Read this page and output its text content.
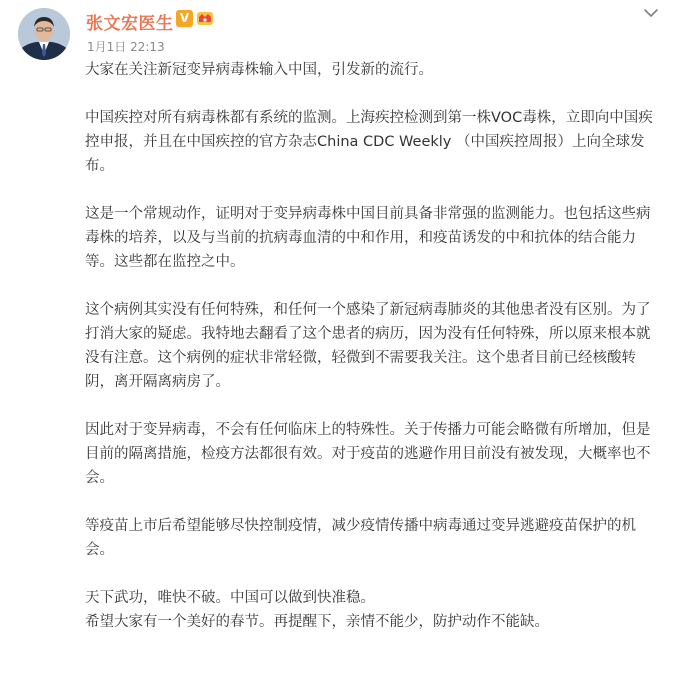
张文宏医生 V
1月1日 22:13

大家在关注新冠变异病毒株输入中国，引发新的流行。

中国疾控对所有病毒株都有系统的监测。上海疾控检测到第一株VOC毒株，立即向中国疾控申报，并且在中国疾控的官方杂志China CDC Weekly （中国疾控周报）上向全球发布。

这是一个常规动作，证明对于变异病毒株中国目前具备非常强的监测能力。也包括这些病毒株的培养，以及与当前的抗病毒血清的中和作用，和疫苗诱发的中和抗体的结合能力等。这些都在监控之中。

这个病例其实没有任何特殊，和任何一个感染了新冠病毒肺炎的其他患者没有区别。为了打消大家的疑虑。我特地去翻看了这个患者的病历，因为没有任何特殊，所以原来根本就没有注意。这个病例的症状非常轻微，轻微到不需要我关注。这个患者目前已经核酸转阴，离开隔离病房了。

因此对于变异病毒，不会有任何临床上的特殊性。关于传播力可能会略微有所增加，但是目前的隔离措施，检疫方法都很有效。对于疫苗的逃避作用目前没有被发现，大概率也不会。

等疫苗上市后希望能够尽快控制疫情，减少疫情传播中病毒通过变异逃避疫苗保护的机会。

天下武功，唯快不破。中国可以做到快准稳。

希望大家有一个美好的春节。再提醒下，亲情不能少，防护动作不能缺。
